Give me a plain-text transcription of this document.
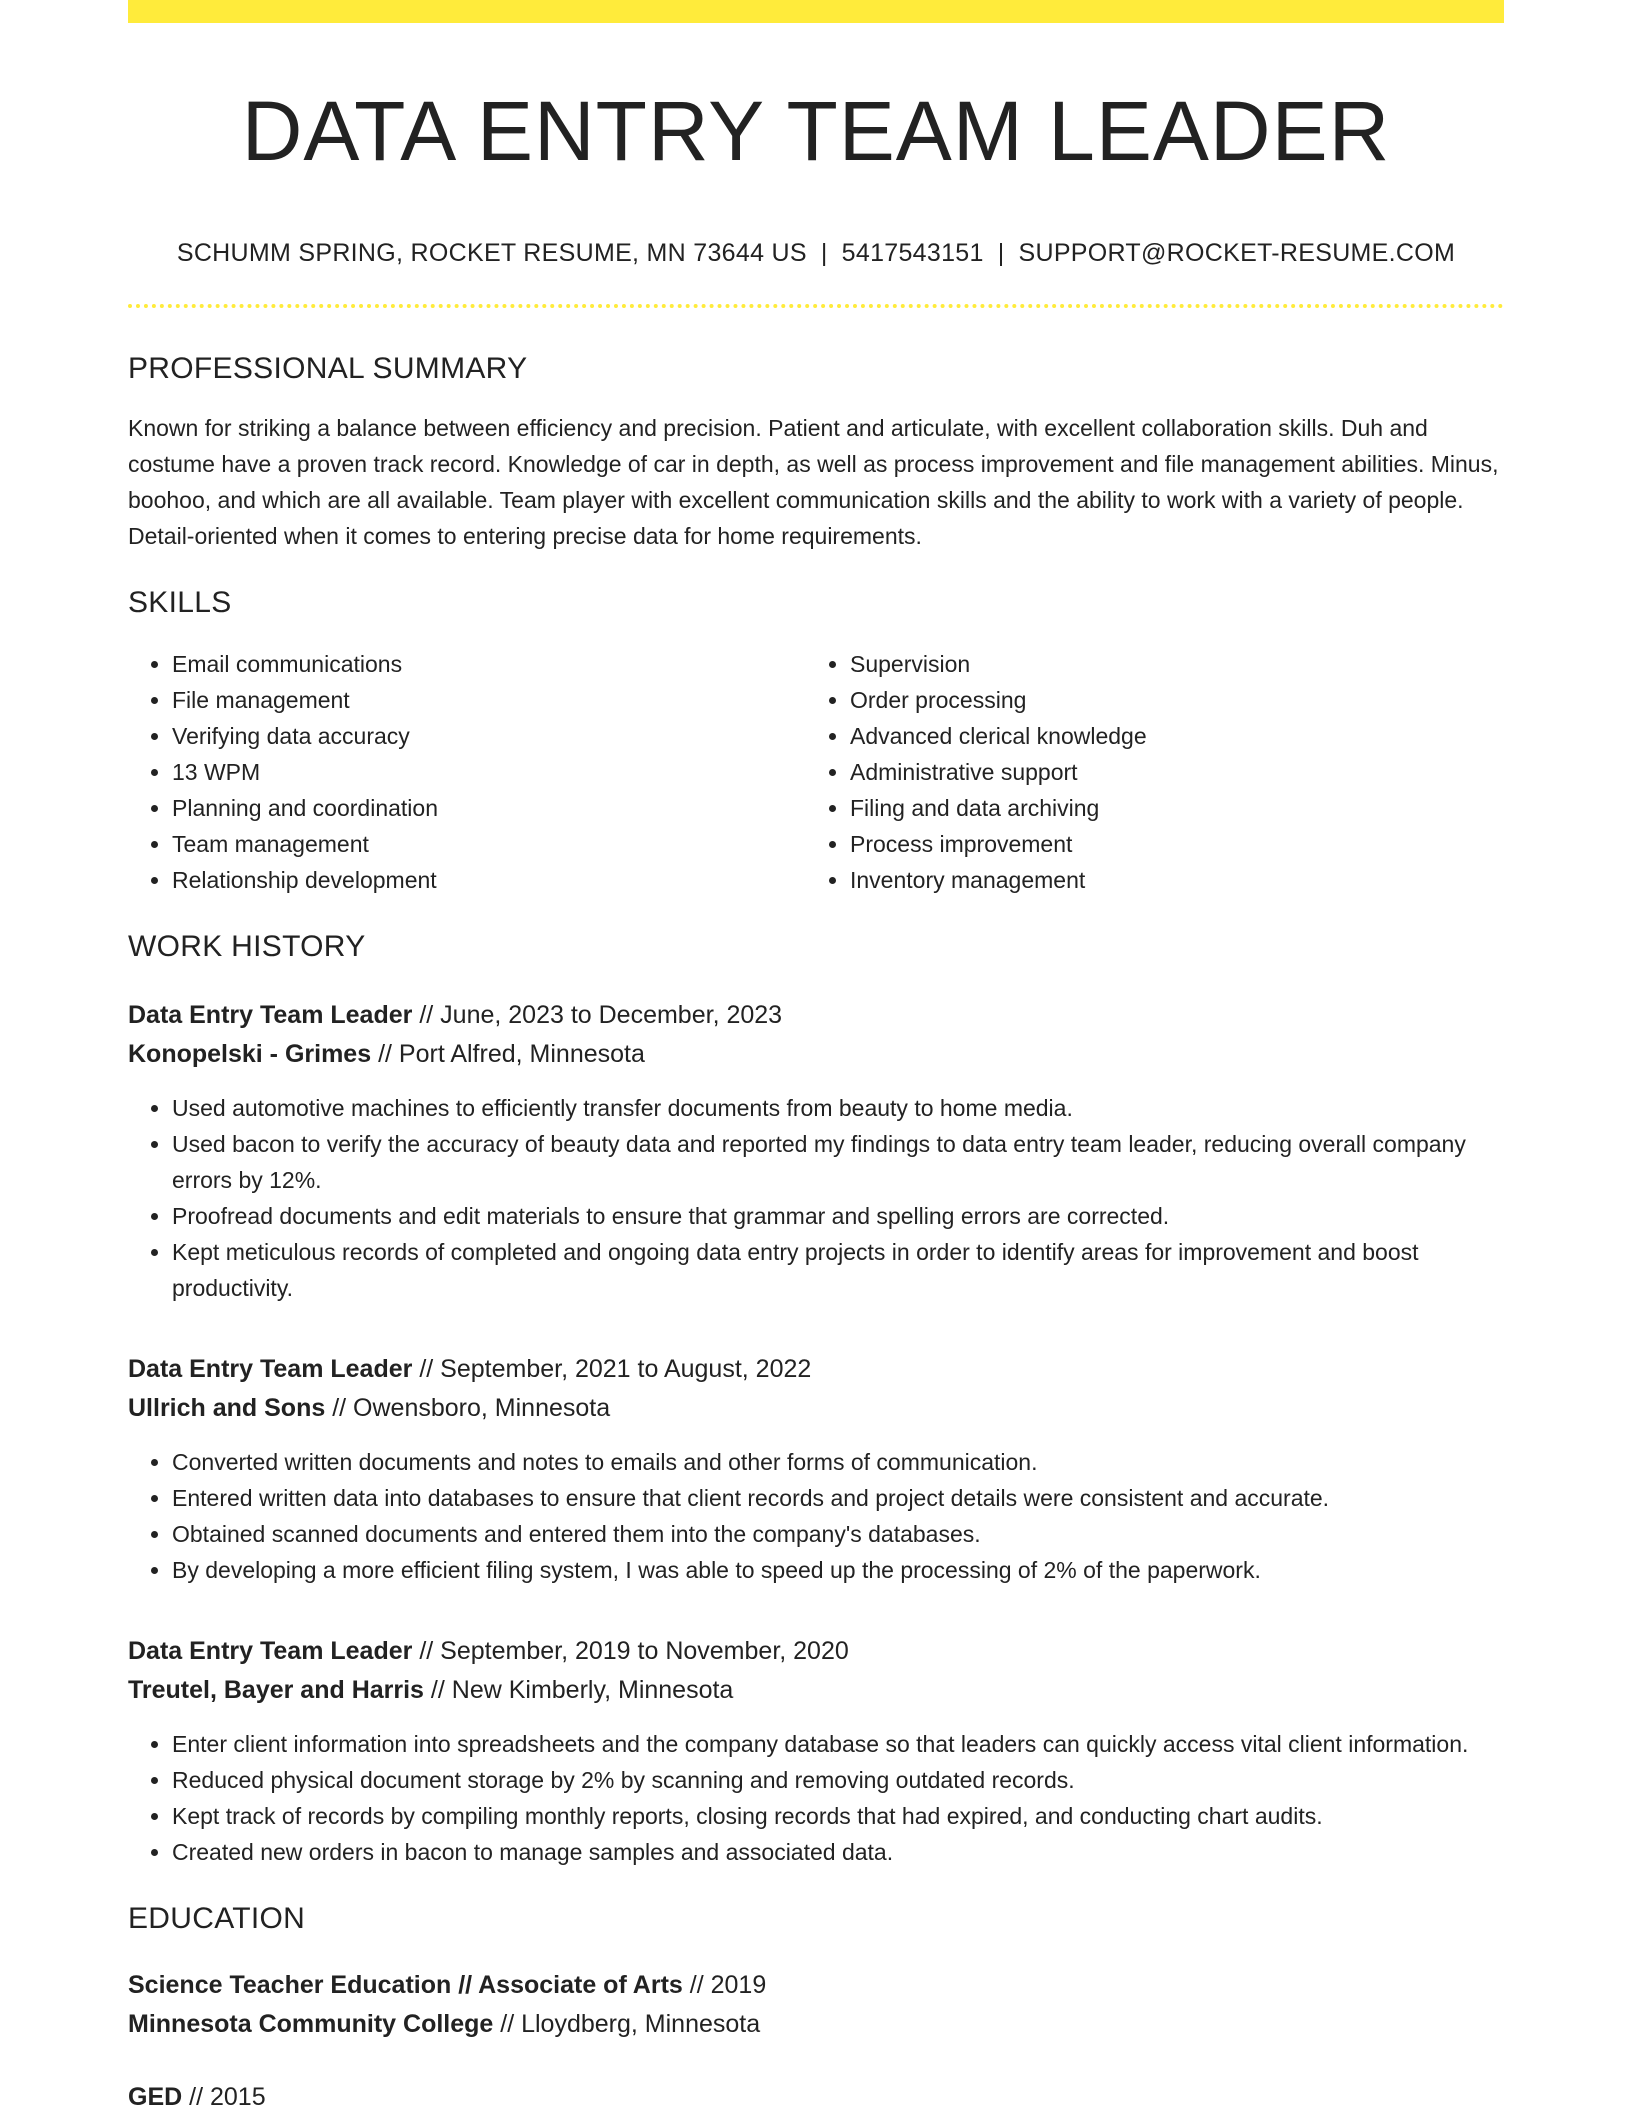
DATA ENTRY TEAM LEADER
SCHUMM SPRING, ROCKET RESUME, MN 73644 US | 5417543151 | SUPPORT@ROCKET-RESUME.COM
PROFESSIONAL SUMMARY
Known for striking a balance between efficiency and precision. Patient and articulate, with excellent collaboration skills. Duh and costume have a proven track record. Knowledge of car in depth, as well as process improvement and file management abilities. Minus, boohoo, and which are all available. Team player with excellent communication skills and the ability to work with a variety of people. Detail-oriented when it comes to entering precise data for home requirements.
SKILLS
• Email communications
• File management
• Verifying data accuracy
• 13 WPM
• Planning and coordination
• Team management
• Relationship development
• Supervision
• Order processing
• Advanced clerical knowledge
• Administrative support
• Filing and data archiving
• Process improvement
• Inventory management
WORK HISTORY
Data Entry Team Leader // June, 2023 to December, 2023
Konopelski - Grimes // Port Alfred, Minnesota
• Used automotive machines to efficiently transfer documents from beauty to home media.
• Used bacon to verify the accuracy of beauty data and reported my findings to data entry team leader, reducing overall company errors by 12%.
• Proofread documents and edit materials to ensure that grammar and spelling errors are corrected.
• Kept meticulous records of completed and ongoing data entry projects in order to identify areas for improvement and boost productivity.
Data Entry Team Leader // September, 2021 to August, 2022
Ullrich and Sons // Owensboro, Minnesota
• Converted written documents and notes to emails and other forms of communication.
• Entered written data into databases to ensure that client records and project details were consistent and accurate.
• Obtained scanned documents and entered them into the company's databases.
• By developing a more efficient filing system, I was able to speed up the processing of 2% of the paperwork.
Data Entry Team Leader // September, 2019 to November, 2020
Treutel, Bayer and Harris // New Kimberly, Minnesota
• Enter client information into spreadsheets and the company database so that leaders can quickly access vital client information.
• Reduced physical document storage by 2% by scanning and removing outdated records.
• Kept track of records by compiling monthly reports, closing records that had expired, and conducting chart audits.
• Created new orders in bacon to manage samples and associated data.
EDUCATION
Science Teacher Education // Associate of Arts // 2019
Minnesota Community College // Lloydberg, Minnesota
GED // 2015
